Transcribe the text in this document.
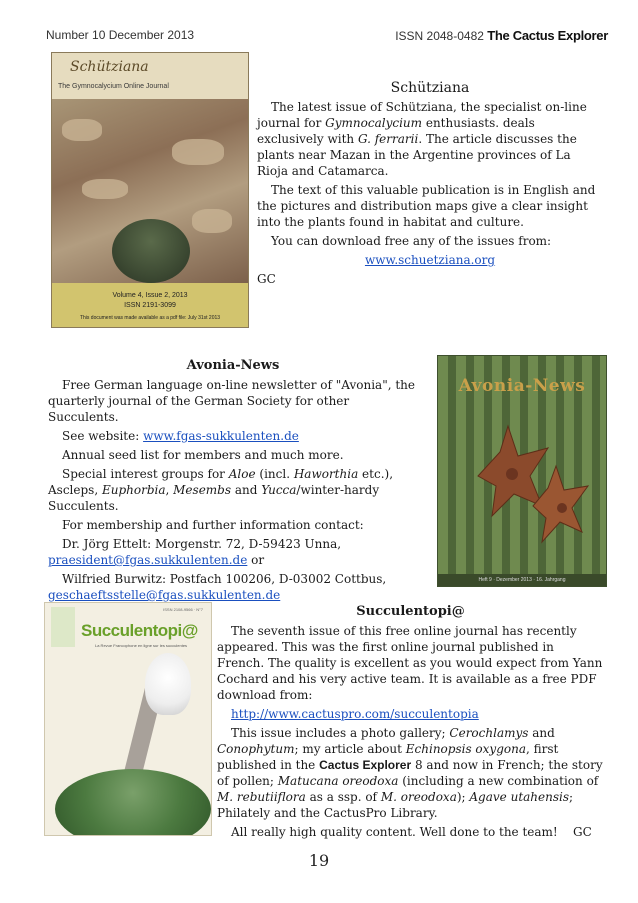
Number 10 December 2013	ISSN 2048-0482 The Cactus Explorer
Schütziana
The Gymnocalycium Online Journal
Volume 4, Issue 2, 2013
ISSN 2191-3099
This document was made available as a pdf file: July 31st 2013

Schütziana

The latest issue of Schütziana, the specialist on-line journal for Gymnocalycium enthusiasts. deals exclusively with G. ferrarii. The article discusses the plants near Mazan in the Argentine provinces of La Rioja and Catamarca.

The text of this valuable publication is in English and the pictures and distribution maps give a clear insight into the plants found in habitat and culture.

You can download free any of the issues from:

www.schuetziana.org

GC

Avonia-News

Free German language on-line newsletter of "Avonia", the quarterly journal of the German Society for other Succulents.

See website: www.fgas-sukkulenten.de

Annual seed list for members and much more.

Special interest groups for Aloe (incl. Haworthia etc.), Ascleps, Euphorbia, Mesembs and Yucca/winter-hardy Succulents.

For membership and further information contact:

Dr. Jörg Ettelt: Morgenstr. 72, D-59423 Unna,
praesident@fgas.sukkulenten.de or

Wilfried Burwitz: Postfach 100206, D-03002 Cottbus,
geschaeftsstelle@fgas.sukkulenten.de

Avonia-News
Heft 9 · Dezember 2013 · 16. Jahrgang
ISSN 2108-9566 · N°7
Succulentopi@
La Revue Francophone en ligne sur les succulentes

Succulentopi@

The seventh issue of this free online journal has recently appeared. This was the first online journal published in French. The quality is excellent as you would expect from Yann Cochard and his very active team. It is available as a free PDF download from:

http://www.cactuspro.com/succulentopia

This issue includes a photo gallery; Cerochlamys and Conophytum; my article about Echinopsis oxygona, first published in the Cactus Explorer 8 and now in French; the story of pollen; Matucana oreodoxa (including a new combination of M. rebutiiflora as a ssp. of M. oreodoxa); Agave utahensis; Philately and the CactusPro Library.

All really high quality content. Well done to the team! GC

19
